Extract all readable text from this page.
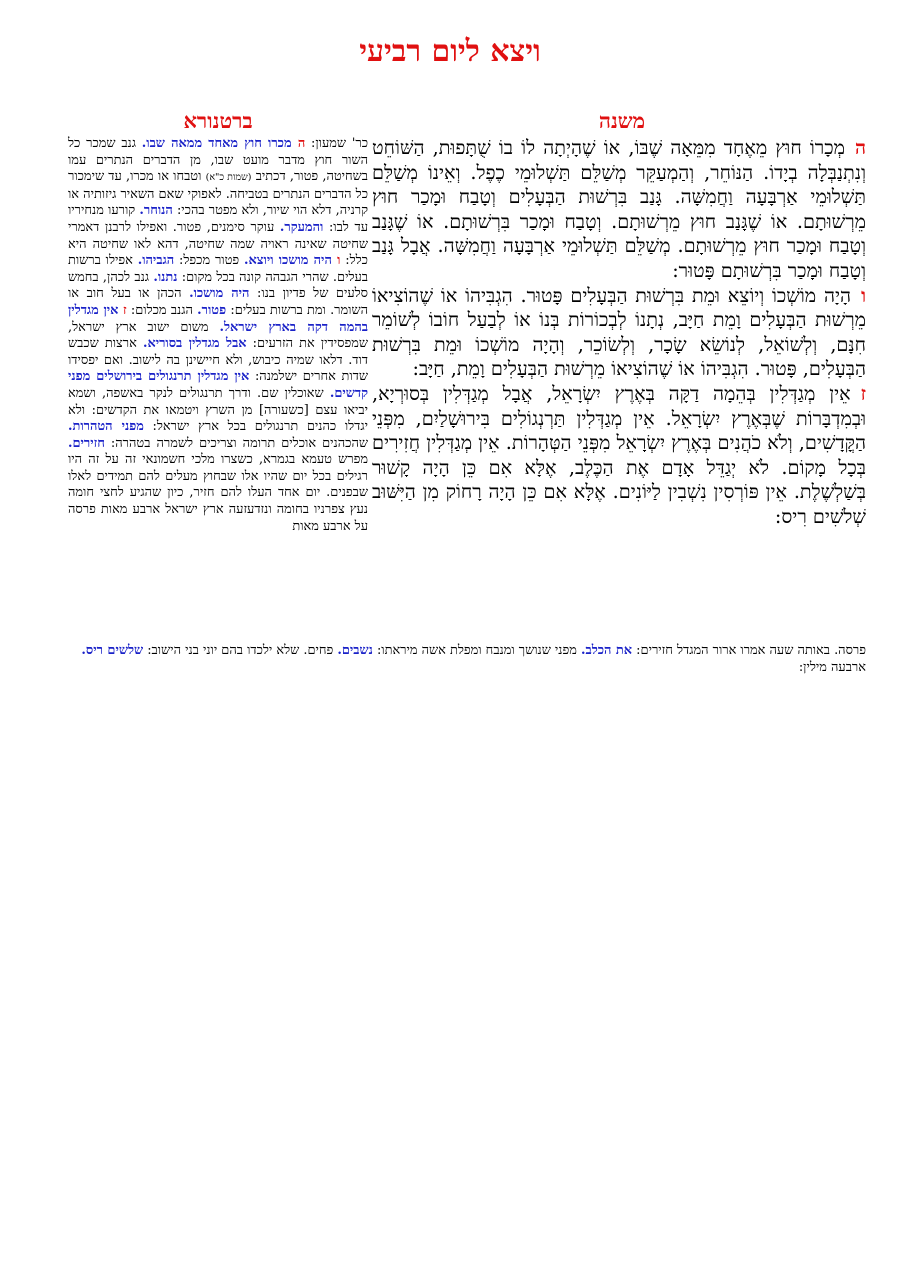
ויצא ליום רביעי
משנה
ברטנורא

המְכָרוֹ חוּץ מֵאֶחָד מִמֵּאָה שֶׁבּוֹ, אוֹ שֶׁהָיְתָה לוֹ בוֹ שֻׁתָּפוּת, הַשּׁוֹחֵט וְנִתְנַבְּלָה בְיָדוֹ. הַנּוֹחֵר, וְהַמְעַקֵּר מְשַׁלֵּם תַּשְׁלוּמֵי כֶפֶל. וְאֵינוֹ מְשַׁלֵּם תַּשְׁלוּמֵי אַרְבָּעָה וַחֲמִשָּׁה. גָּנַב בִּרְשׁוּת הַבְּעָלִים וְטָבַח וּמָכַר חוּץ מֵרְשׁוּתָם. אוֹ שֶׁגָּנַב חוּץ מֵרְשׁוּתָם. וְטָבַח וּמָכַר בִּרְשׁוּתָם. אוֹ שֶׁגָּנַב וְטָבַח וּמָכַר חוּץ מֵרְשׁוּתָם. מְשַׁלֵּם תַּשְׁלוּמֵי אַרְבָּעָה וַחֲמִשָּׁה. אֲבָל גָּנַב וְטָבַח וּמָכַר בִּרְשׁוּתָם פָּטוּר:

והָיָה מוֹשְׁכוֹ וְיוֹצֵא וּמֵת בִּרְשׁוּת הַבְּעָלִים פָּטוּר. הִגְבִּיהוֹ אוֹ שֶׁהוֹצִיאוֹ מֵרְשׁוּת הַבְּעָלִים וָמֵת חַיָּב, נְתָנוֹ לְבְכוֹרוֹת בְּנוֹ אוֹ לְבַעַל חוֹבוֹ לְשׁוֹמֵר חִנָּם, וְלְשׁוֹאֵל, לְנוֹשֵׂא שָׂכָר, וְלְשׂוֹכֵר, וְהָיָה מוֹשְׁכוֹ וּמֵת בִּרְשׁוּת הַבְּעָלִים, פָּטוּר. הִגְבִּיהוֹ אוֹ שֶׁהוֹצִיאוֹ מֵרְשׁוּת הַבְּעָלִים וָמֵת, חַיָּב:

זאֵין מְגַדְּלִין בְּהֵמָה דַקָּה בְּאֶרֶץ יִשְׂרָאֵל, אֲבָל מְגַדְּלִין בְּסוּרְיָא, וּבְמִדְבָּרוֹת שֶׁבְּאֶרֶץ יִשְׂרָאֵל. אֵין מְגַדְּלִין תַּרְנְגוֹלִים בִּירוּשָׁלַיִם, מִפְּנֵי הַקֳּדָשִׁים, וְלֹא כֹהֲנִים בְּאֶרֶץ יִשְׂרָאֵל מִפְּנֵי הַטְּהָרוֹת. אֵין מְגַדְּלִין חֲזִירִים בְּכָל מָקוֹם. לֹא יְגַדֵּל אָדָם אֶת הַכֶּלֶב, אֶלָּא אִם כֵּן הָיָה קָשׁוּר בְּשַׁלְשֶׁלֶת. אֵין פּוֹרְסִין נִשְׁבִין לַיּוֹנִים. אֶלָּא אִם כֵּן הָיָה רָחוֹק מִן הַיִּשּׁוּב שְׁלֹשִׁים רִיס:

כר' שמעון: ה מכרו חוץ מאחד ממאה שבו. גנב שמכר כל השור חוץ מדבר מועט שבו, מן הדברים הנתרים עמו בשחיטה, פטור, דכתיב (שמות כ"א) וטבחו או מכרו, עד שימכור כל הדברים הנתרים בטביחה. לאפוקי שאם השאיר גיזותיה או קרניה, דלא הוי שיור, ולא מפטר בהכי: הנוחר. קורעו מנחיריו עד לבו: והמעקר. עוקר סימנים, פטור. ואפילו לרבנן דאמרי שחיטה שאינה ראויה שמה שחיטה, דהא לאו שחיטה היא כלל: ו היה מושכו ויוצא. פטור מכפל: הגביהו. אפילו ברשות בעלים. שהרי הגבהה קונה בכל מקום: נתנו. גנב לכהן, בחמש סלעים של פדיון בנו: היה מושכו. הכהן או בעל חוב או השומר. ומת ברשות בעלים: פטור. הגנב מכלום: ז אין מגדלין בהמה דקה בארץ ישראל. משום ישוב ארץ ישראל, שמפסידין את הזרעים: אבל מגדלין בסוריא. ארצות שכבש דוד. דלאו שמיה כיבוש, ולא חיישינן בה לישוב. ואם יפסידו שדות אחרים ישלמנה: אין מגדלין תרנגולים בירושלים מפני קדשים. שאוכלין שם. ודרך תרנגולים לנקר באשפה, ושמא יביאו עצם [כשעורה] מן השרץ ויטמאו את הקדשים: ולא יגדלו כהנים תרנגולים בכל ארץ ישראל: מפני הטהרות. שהכהנים אוכלים תרומה וצריכים לשמרה בטהרה: חזירים. מפרש טעמא בגמרא, כשצרו מלכי חשמונאי זה על זה היו רגילים בכל יום שהיו אלו שבחוץ מעלים להם תמידים לאלו שבפנים. יום אחד העלו להם חזיר, כיון שהגיע לחצי חומה נעץ צפרניו בחומה ונזדעזעה ארץ ישראל ארבע מאות פרסה על ארבע מאות
פרסה. באותה שעה אמרו ארור המגדל חזירים: את הכלב. מפני שנושך ומנבח ומפלת אשה מיראתו: נשבים. פחים. שלא ילכדו בהם יוני בני הישוב: שלשים ריס. ארבעה מילין:
